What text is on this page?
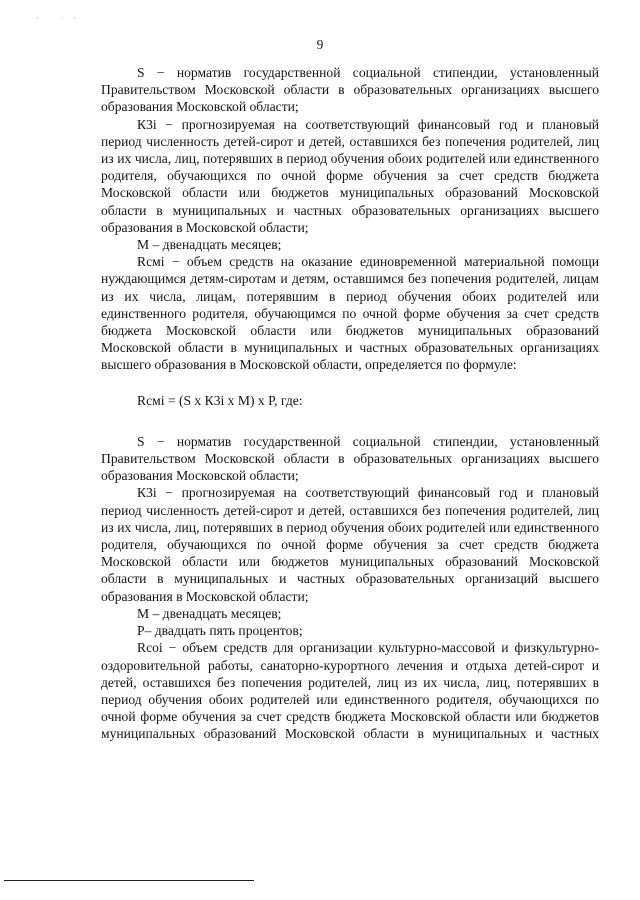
· ··
9

S − норматив государственной социальной стипендии, установленный Правительством Московской области в образовательных организациях высшего образования Московской области;

К3i − прогнозируемая на соответствующий финансовый год и плановый период численность детей-сирот и детей, оставшихся без попечения родителей, лиц из их числа, лиц, потерявших в период обучения обоих родителей или единственного родителя, обучающихся по очной форме обучения за счет средств бюджета Московской области или бюджетов муниципальных образований Московской области в муниципальных и частных образовательных организациях высшего образования в Московской области;

М – двенадцать месяцев;

Rсмi − объем средств на оказание единовременной материальной помощи нуждающимся детям-сиротам и детям, оставшимся без попечения родителей, лицам из их числа, лицам, потерявшим в период обучения обоих родителей или единственного родителя, обучающимся по очной форме обучения за счет средств бюджета Московской области или бюджетов муниципальных образований Московской области в муниципальных и частных образовательных организациях высшего образования в Московской области, определяется по формуле:

Rсмi = (S x К3i x M) x P, где:

S − норматив государственной социальной стипендии, установленный Правительством Московской области в образовательных организациях высшего образования Московской области;

К3i − прогнозируемая на соответствующий финансовый год и плановый период численность детей-сирот и детей, оставшихся без попечения родителей, лиц из их числа, лиц, потерявших в период обучения обоих родителей или единственного родителя, обучающихся по очной форме обучения за счет средств бюджета Московской области или бюджетов муниципальных образований Московской области в муниципальных и частных образовательных организаций высшего образования в Московской области;

М – двенадцать месяцев;

Р– двадцать пять процентов;

Rсоi − объем средств для организации культурно-массовой и физкультурно-оздоровительной работы, санаторно-курортного лечения и отдыха детей-сирот и детей, оставшихся без попечения родителей, лиц из их числа, лиц, потерявших в период обучения обоих родителей или единственного родителя, обучающихся по очной форме обучения за счет средств бюджета Московской области или бюджетов муниципальных образований Московской области в муниципальных и частных
